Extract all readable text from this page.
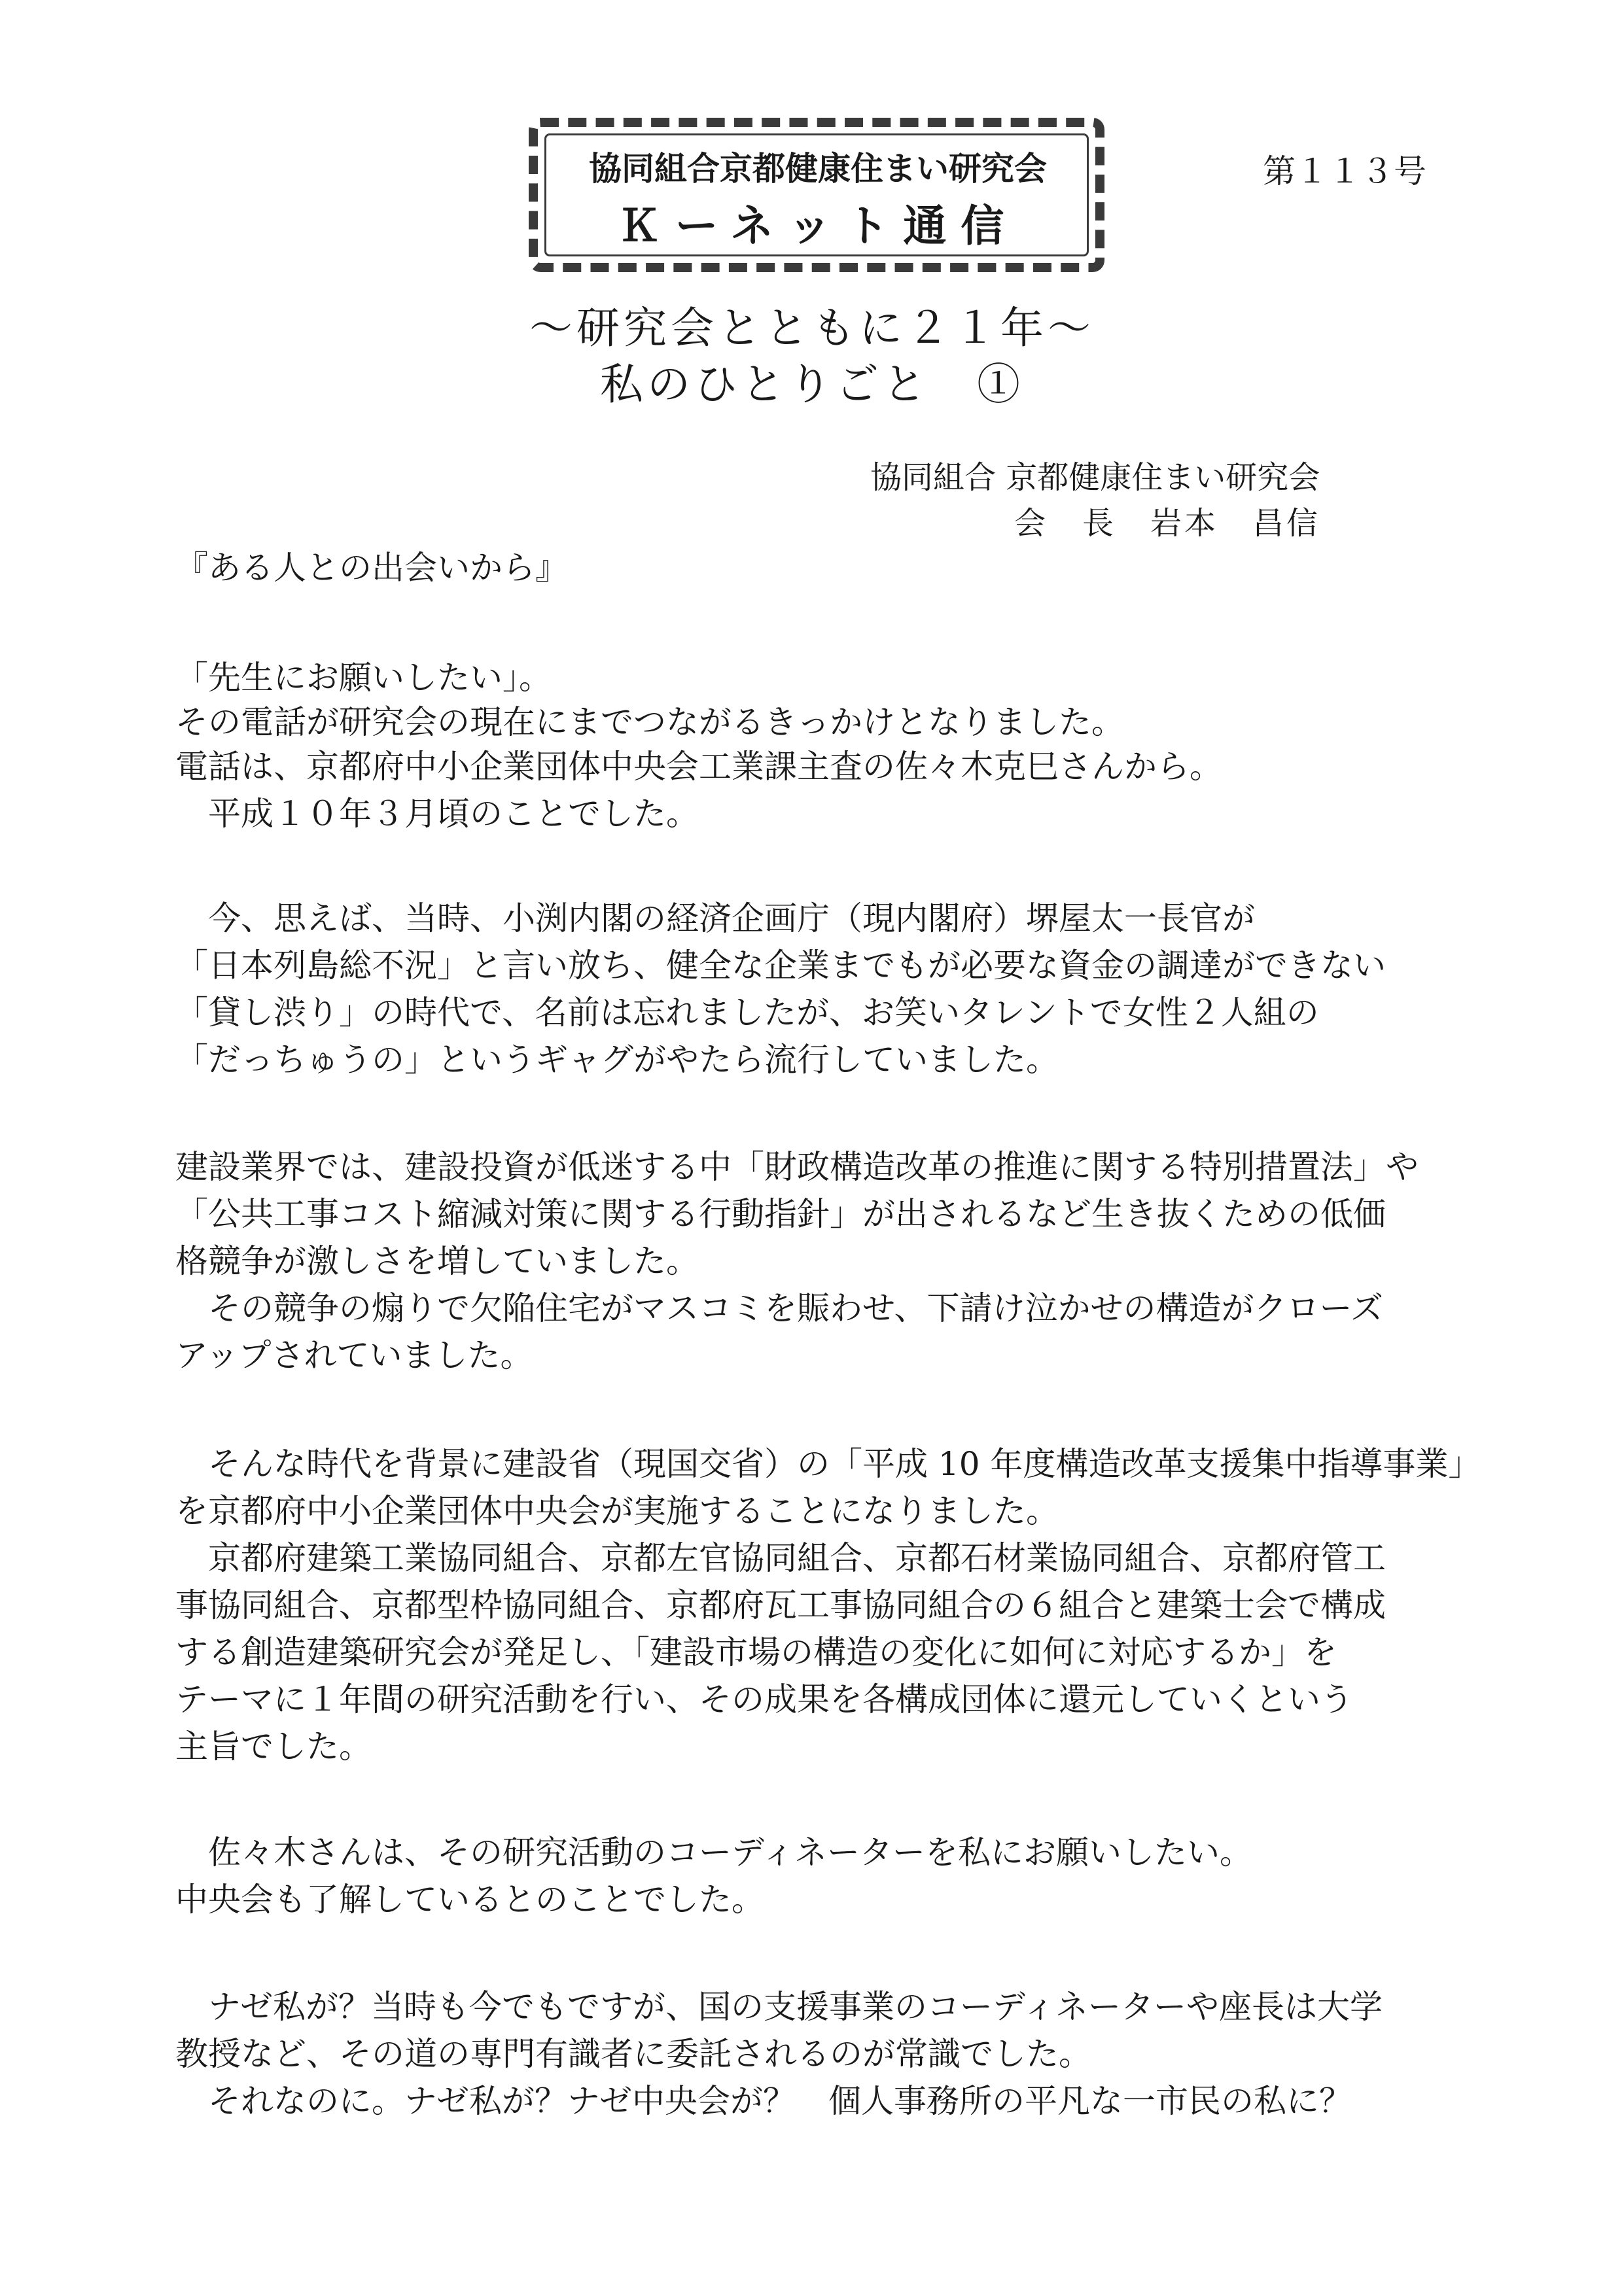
協同組合京都健康住まい研究会
Ｋーネット通信
第１１３号
～研究会とともに２１年～
私のひとりごと　①
協同組合 京都健康住まい研究会
会　長　岩本　昌信
『ある人との出会いから』
「先生にお願いしたい」。
その電話が研究会の現在にまでつながるきっかけとなりました。
電話は、京都府中小企業団体中央会工業課主査の佐々木克巳さんから。
　平成１０年３月頃のことでした。
　今、思えば、当時、小渕内閣の経済企画庁（現内閣府）堺屋太一長官が
「日本列島総不況」と言い放ち、健全な企業までもが必要な資金の調達ができない
「貸し渋り」の時代で、名前は忘れましたが、お笑いタレントで女性２人組の
「だっちゅうの」というギャグがやたら流行していました。
建設業界では、建設投資が低迷する中「財政構造改革の推進に関する特別措置法」や
「公共工事コスト縮減対策に関する行動指針」が出されるなど生き抜くための低価
格競争が激しさを増していました。
　その競争の煽りで欠陥住宅がマスコミを賑わせ、下請け泣かせの構造がクローズ
アップされていました。
　そんな時代を背景に建設省（現国交省）の「平成 10 年度構造改革支援集中指導事業」
を京都府中小企業団体中央会が実施することになりました。
　京都府建築工業協同組合、京都左官協同組合、京都石材業協同組合、京都府管工
事協同組合、京都型枠協同組合、京都府瓦工事協同組合の６組合と建築士会で構成
する創造建築研究会が発足し、「建設市場の構造の変化に如何に対応するか」を
テーマに１年間の研究活動を行い、その成果を各構成団体に還元していくという
主旨でした。
　佐々木さんは、その研究活動のコーディネーターを私にお願いしたい。
中央会も了解しているとのことでした。
　ナゼ私が？当時も今でもですが、国の支援事業のコーディネーターや座長は大学
教授など、その道の専門有識者に委託されるのが常識でした。
　それなのに。ナゼ私が？ナゼ中央会が？　個人事務所の平凡な一市民の私に？
